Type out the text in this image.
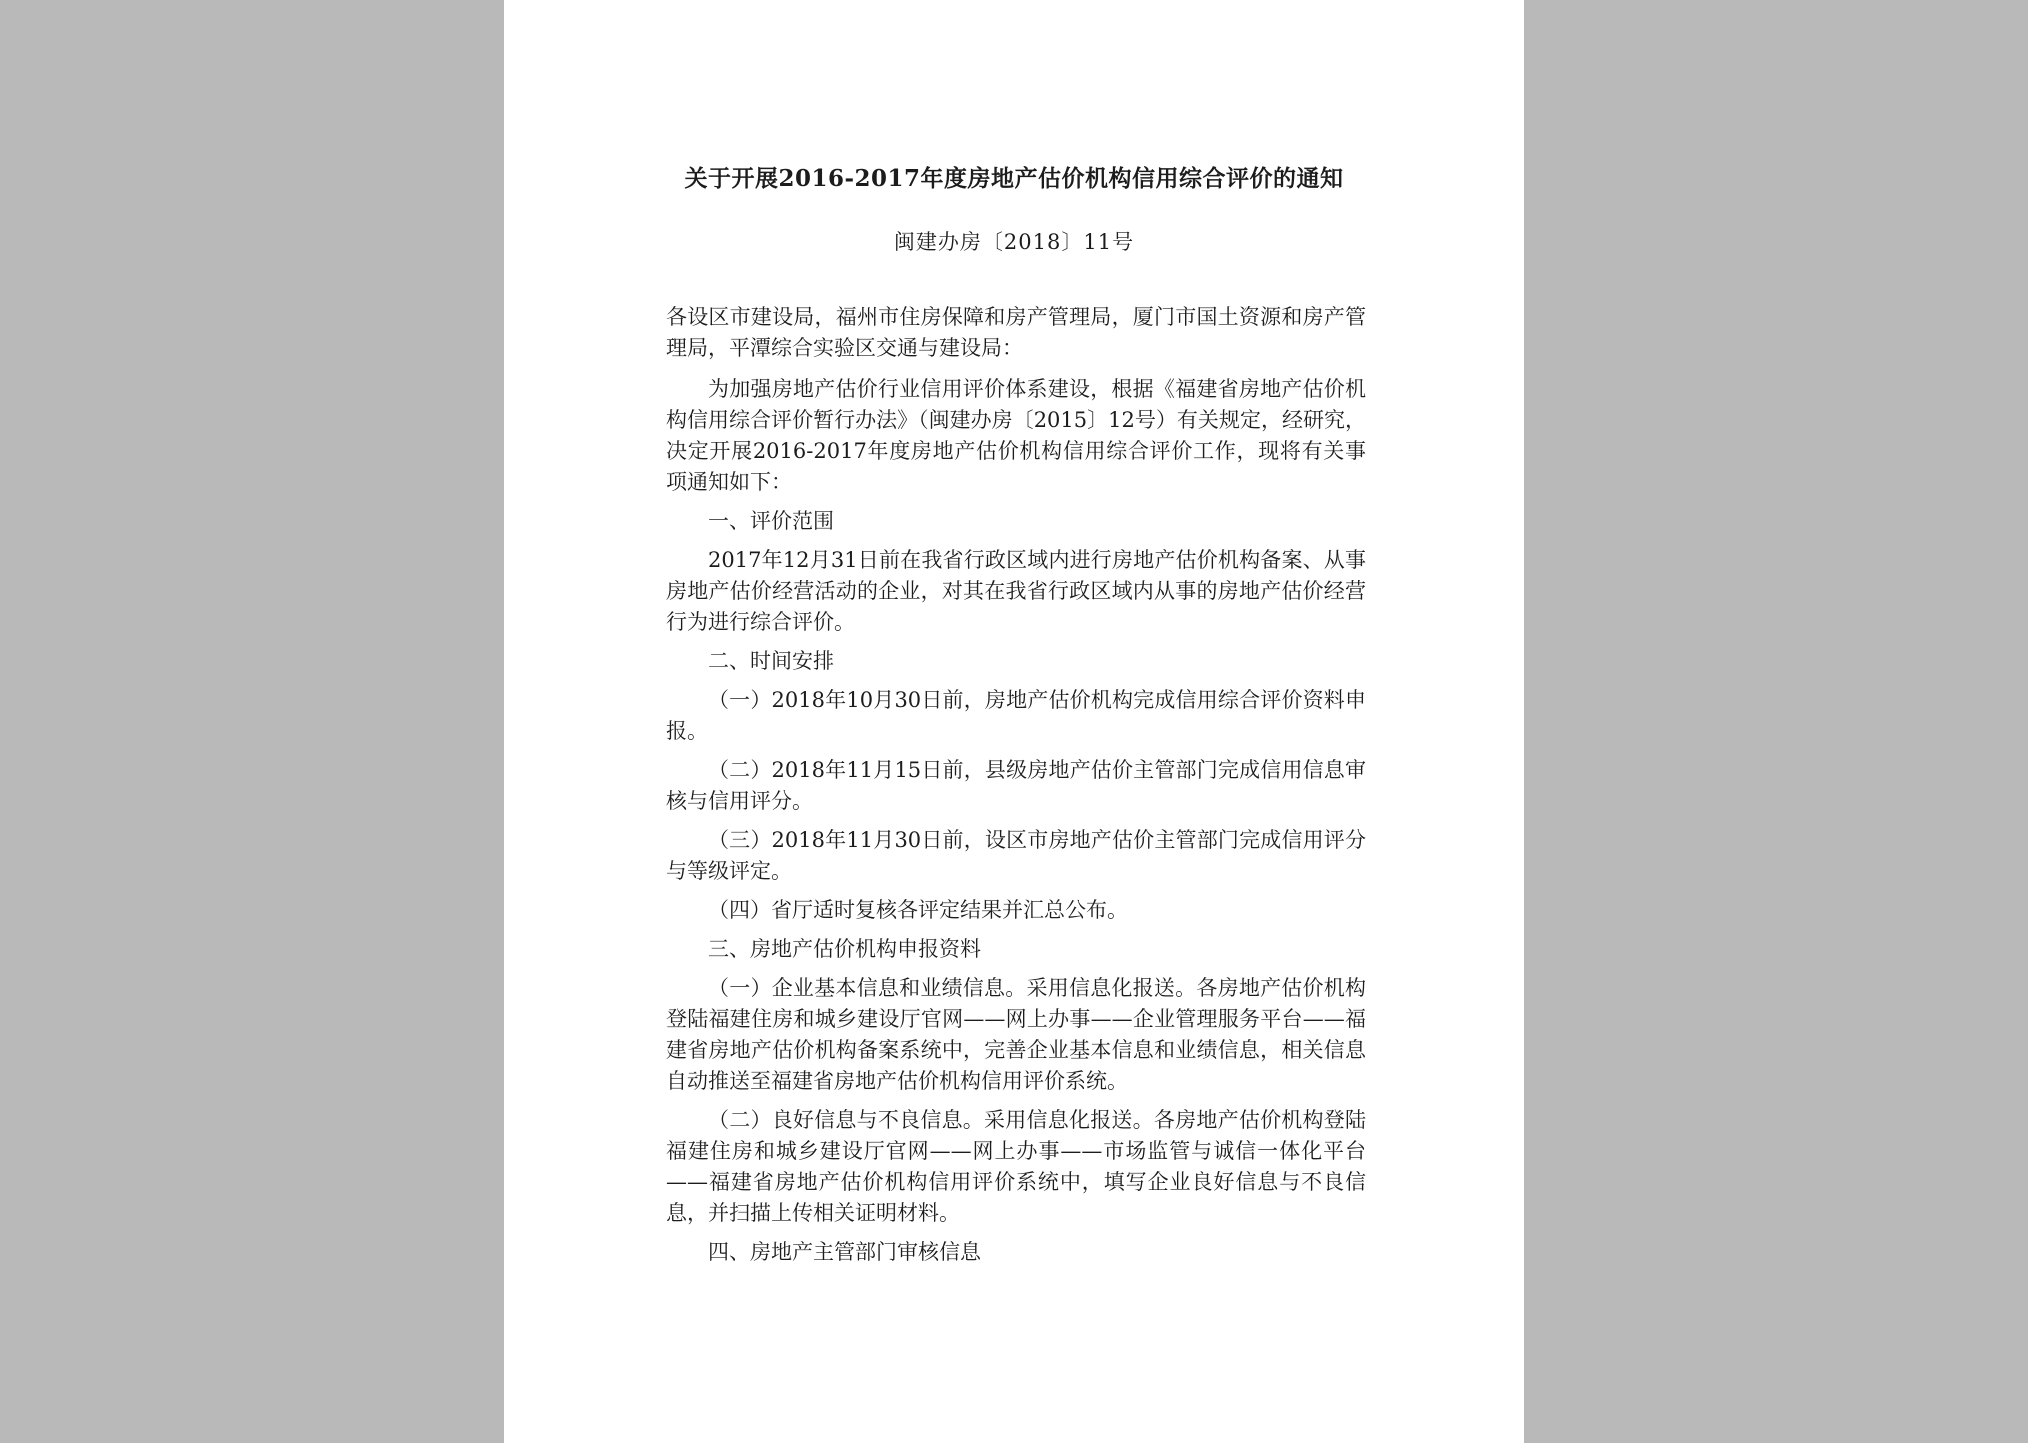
关于开展2016-2017年度房地产估价机构信用综合评价的通知
闽建办房〔2018〕11号

各设区市建设局，福州市住房保障和房产管理局，厦门市国土资源和房产管理局，平潭综合实验区交通与建设局：

为加强房地产估价行业信用评价体系建设，根据《福建省房地产估价机构信用综合评价暂行办法》（闽建办房〔2015〕12号）有关规定，经研究，决定开展2016-2017年度房地产估价机构信用综合评价工作，现将有关事项通知如下：

一、评价范围

2017年12月31日前在我省行政区域内进行房地产估价机构备案、从事房地产估价经营活动的企业，对其在我省行政区域内从事的房地产估价经营行为进行综合评价。

二、时间安排

（一）2018年10月30日前，房地产估价机构完成信用综合评价资料申报。

（二）2018年11月15日前，县级房地产估价主管部门完成信用信息审核与信用评分。

（三）2018年11月30日前，设区市房地产估价主管部门完成信用评分与等级评定。

（四）省厅适时复核各评定结果并汇总公布。

三、房地产估价机构申报资料

（一）企业基本信息和业绩信息。采用信息化报送。各房地产估价机构登陆福建住房和城乡建设厅官网——网上办事——企业管理服务平台——福建省房地产估价机构备案系统中，完善企业基本信息和业绩信息，相关信息自动推送至福建省房地产估价机构信用评价系统。

（二）良好信息与不良信息。采用信息化报送。各房地产估价机构登陆福建住房和城乡建设厅官网——网上办事——市场监管与诚信一体化平台——福建省房地产估价机构信用评价系统中，填写企业良好信息与不良信息，并扫描上传相关证明材料。

四、房地产主管部门审核信息
